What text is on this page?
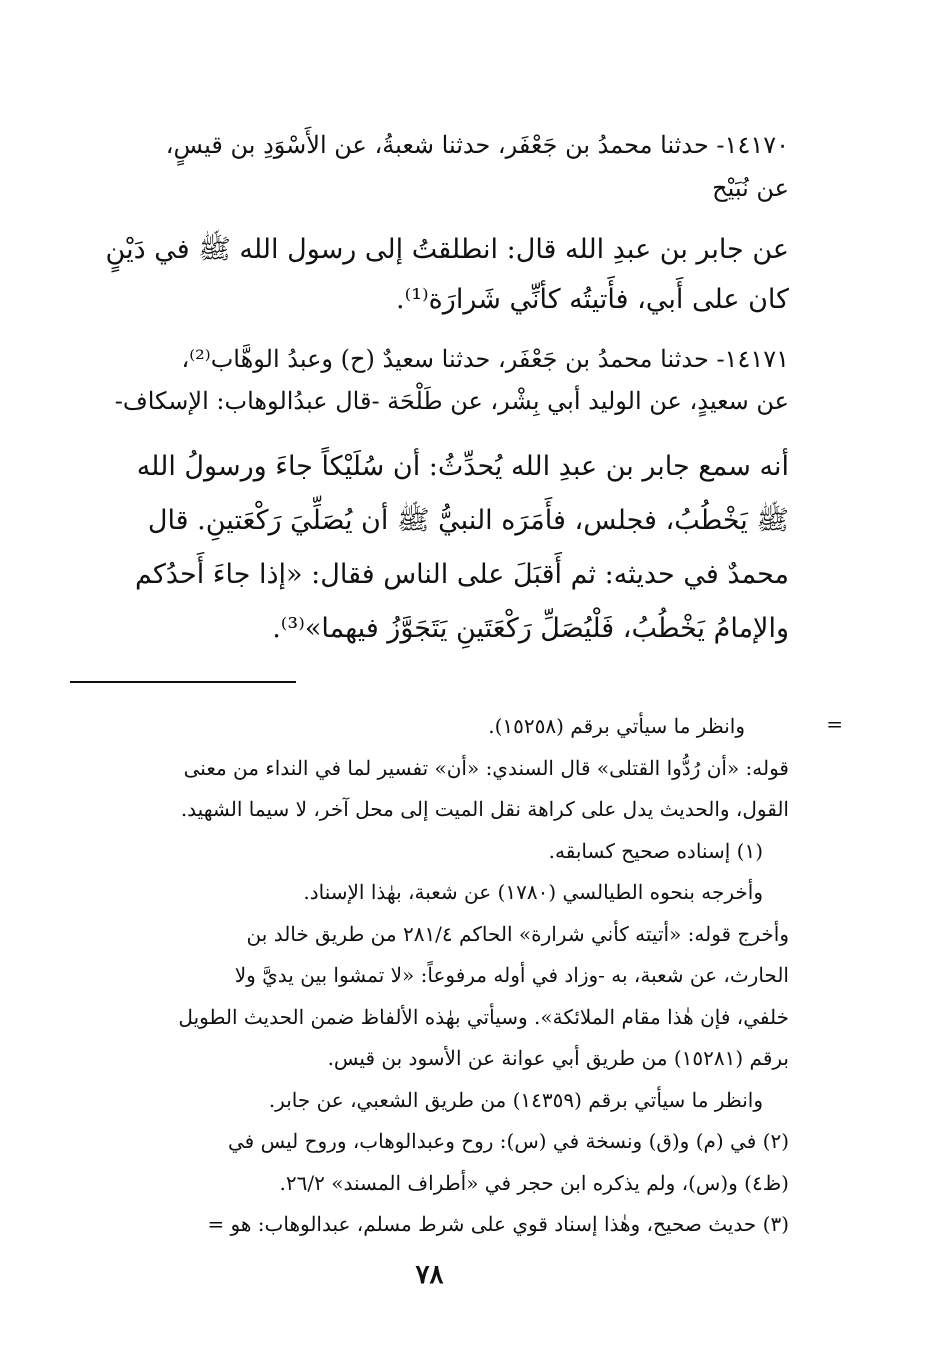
١٤١٧٠- حدثنا محمدُ بن جَعْفَر، حدثنا شعبةُ، عن الأَسْوَدِ بن قيسٍ،
عن نُبَيْح
عن جابر بن عبدِ الله قال: انطلقتُ إلى رسول الله ﷺ في دَيْنٍ
كان على أَبي، فأَتيتُه كأنِّي شَرارَة⁽¹⁾.
١٤١٧١- حدثنا محمدُ بن جَعْفَر، حدثنا سعيدٌ (ح) وعبدُ الوهَّاب⁽²⁾،
عن سعيدٍ، عن الوليد أبي بِشْر، عن طَلْحَة -قال عبدُالوهاب: الإسكاف-
أنه سمع جابر بن عبدِ الله يُحدِّثُ: أن سُلَيْكاً جاءَ ورسولُ الله
ﷺ يَخْطُبُ، فجلس، فأَمَرَه النبيُّ ﷺ أن يُصَلِّيَ رَكْعَتينِ. قال
محمدٌ في حديثه: ثم أَقبَلَ على الناس فقال: «إذا جاءَ أَحدُكم
والإمامُ يَخْطُبُ، فَلْيُصَلِّ رَكْعَتَينِ يَتَجَوَّزُ فيهما»⁽³⁾.
=
وانظر ما سيأتي برقم (١٥٢٥٨).
قوله: «أن رُدُّوا القتلى» قال السندي: «أن» تفسير لما في النداء من معنى
القول، والحديث يدل على كراهة نقل الميت إلى محل آخر، لا سيما الشهيد.
(١) إسناده صحيح كسابقه.
وأخرجه بنحوه الطيالسي (١٧٨٠) عن شعبة، بهٰذا الإسناد.
وأخرج قوله: «أتيته كأني شرارة» الحاكم ٢٨١/٤ من طريق خالد بن
الحارث، عن شعبة، به -وزاد في أوله مرفوعاً: «لا تمشوا بين يديَّ ولا
خلفي، فإن هٰذا مقام الملائكة». وسيأتي بهٰذه الألفاظ ضمن الحديث الطويل
برقم (١٥٢٨١) من طريق أبي عوانة عن الأسود بن قيس.
وانظر ما سيأتي برقم (١٤٣٥٩) من طريق الشعبي، عن جابر.
(٢) في (م) و(ق) ونسخة في (س): روح وعبدالوهاب، وروح ليس في
(ظ٤) و(س)، ولم يذكره ابن حجر في «أطراف المسند» ٢٦/٢.
(٣) حديث صحيح، وهٰذا إسناد قوي على شرط مسلم، عبدالوهاب: هو =
٧٨
